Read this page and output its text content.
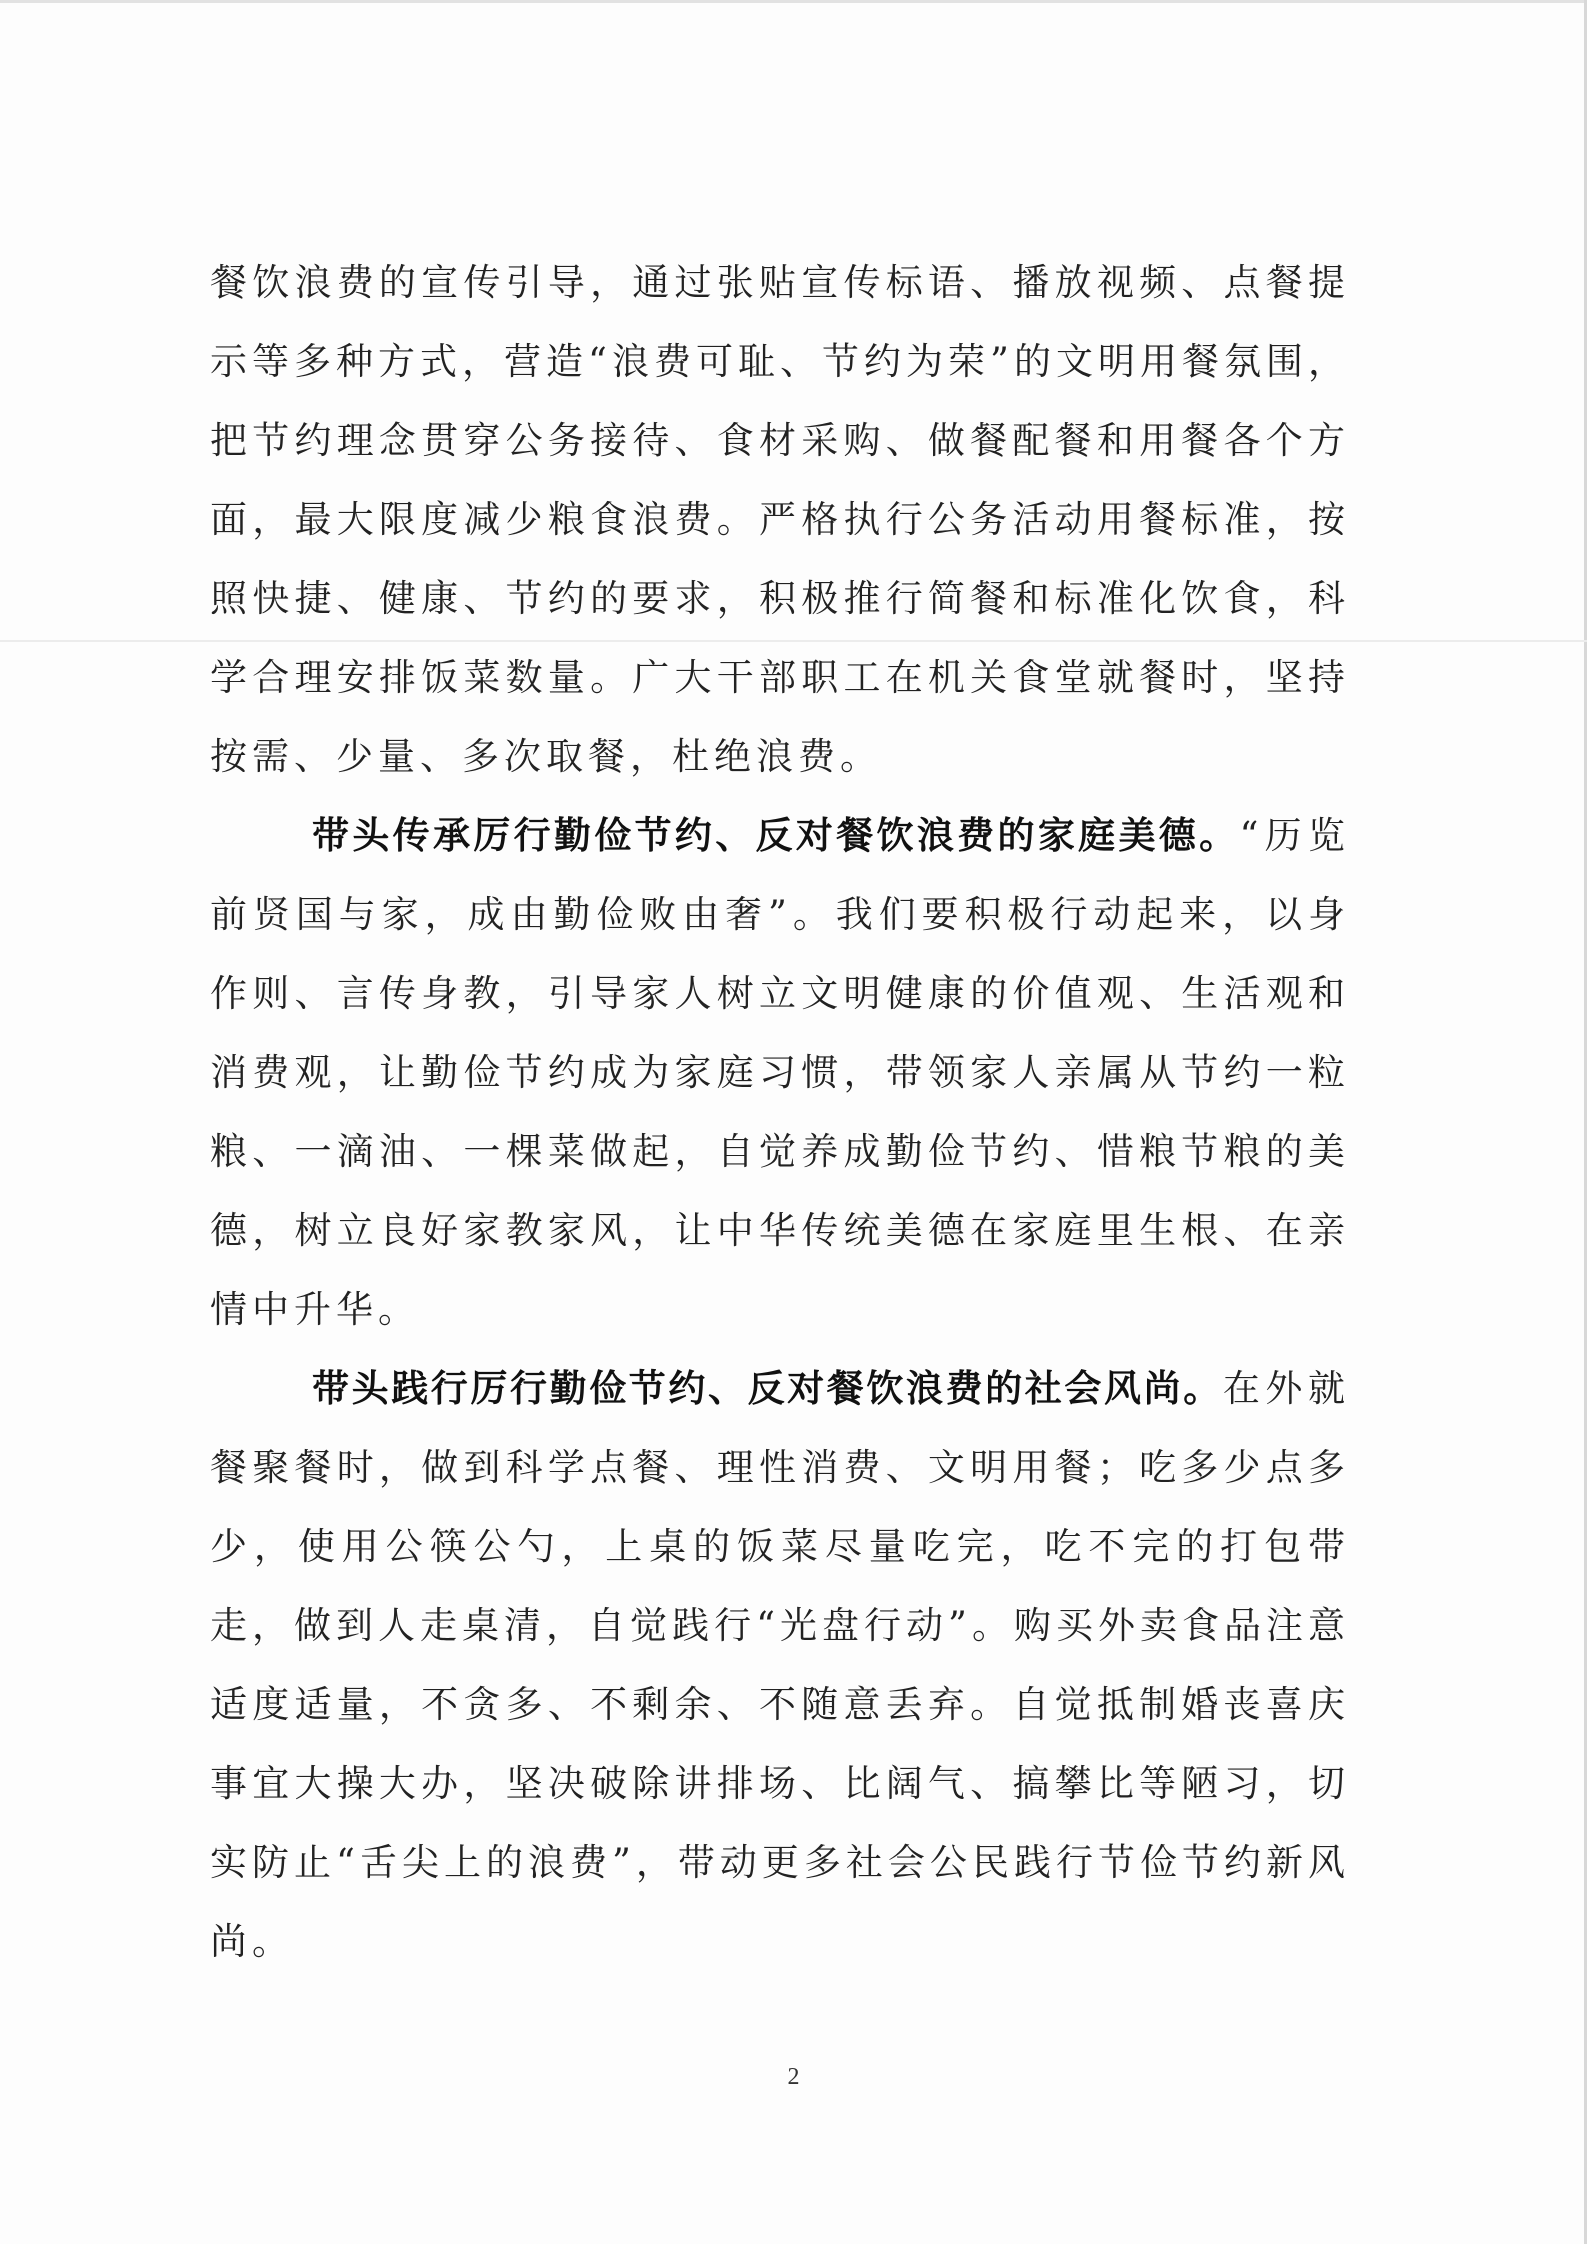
餐饮浪费的宣传引导，通过张贴宣传标语、播放视频、点餐提示等多种方式，营造“浪费可耻、节约为荣”的文明用餐氛围，把节约理念贯穿公务接待、食材采购、做餐配餐和用餐各个方面，最大限度减少粮食浪费。严格执行公务活动用餐标准，按照快捷、健康、节约的要求，积极推行简餐和标准化饮食，科学合理安排饭菜数量。广大干部职工在机关食堂就餐时，坚持按需、少量、多次取餐，杜绝浪费。

带头传承厉行勤俭节约、反对餐饮浪费的家庭美德。“历览前贤国与家，成由勤俭败由奢”。我们要积极行动起来，以身作则、言传身教，引导家人树立文明健康的价值观、生活观和消费观，让勤俭节约成为家庭习惯，带领家人亲属从节约一粒粮、一滴油、一棵菜做起，自觉养成勤俭节约、惜粮节粮的美德，树立良好家教家风，让中华传统美德在家庭里生根、在亲情中升华。

带头践行厉行勤俭节约、反对餐饮浪费的社会风尚。在外就餐聚餐时，做到科学点餐、理性消费、文明用餐；吃多少点多少，使用公筷公勺，上桌的饭菜尽量吃完，吃不完的打包带走，做到人走桌清，自觉践行“光盘行动”。购买外卖食品注意适度适量，不贪多、不剩余、不随意丢弃。自觉抵制婚丧喜庆事宜大操大办，坚决破除讲排场、比阔气、搞攀比等陋习，切实防止“舌尖上的浪费”，带动更多社会公民践行节俭节约新风尚。

2
